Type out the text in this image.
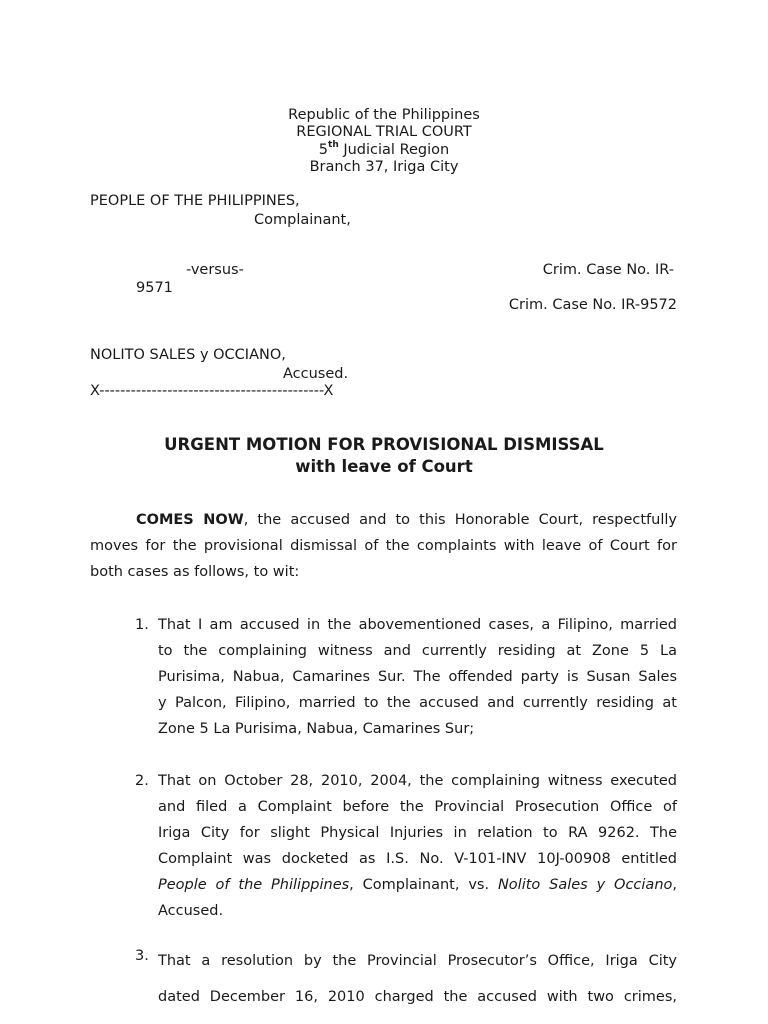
Republic of the Philippines
REGIONAL TRIAL COURT
5th Judicial Region
Branch 37, Iriga City
PEOPLE OF THE PHILIPPINES,
Complainant,
-versus-	Crim. Case No. IR-
9571
Crim. Case No. IR-9572
NOLITO SALES y OCCIANO,
Accused.
X-------------------------------------------X
URGENT MOTION FOR PROVISIONAL DISMISSAL
with leave of Court
COMES NOW, the accused and to this Honorable Court, respectfully
moves for the provisional dismissal of the complaints with leave of Court for
both cases as follows, to wit:
1. That I am accused in the abovementioned cases, a Filipino, married
to the complaining witness and currently residing at Zone 5 La
Purisima, Nabua, Camarines Sur. The offended party is Susan Sales
y Palcon, Filipino, married to the accused and currently residing at
Zone 5 La Purisima, Nabua, Camarines Sur;
2. That on October 28, 2010, 2004, the complaining witness executed
and filed a Complaint before the Provincial Prosecution Office of
Iriga City for slight Physical Injuries in relation to RA 9262. The
Complaint was docketed as I.S. No. V-101-INV 10J-00908 entitled
People of the Philippines, Complainant, vs. Nolito Sales y Occiano,
Accused.
3. That a resolution by the Provincial Prosecutor’s Office, Iriga City
dated December 16, 2010 charged the accused with two crimes,
